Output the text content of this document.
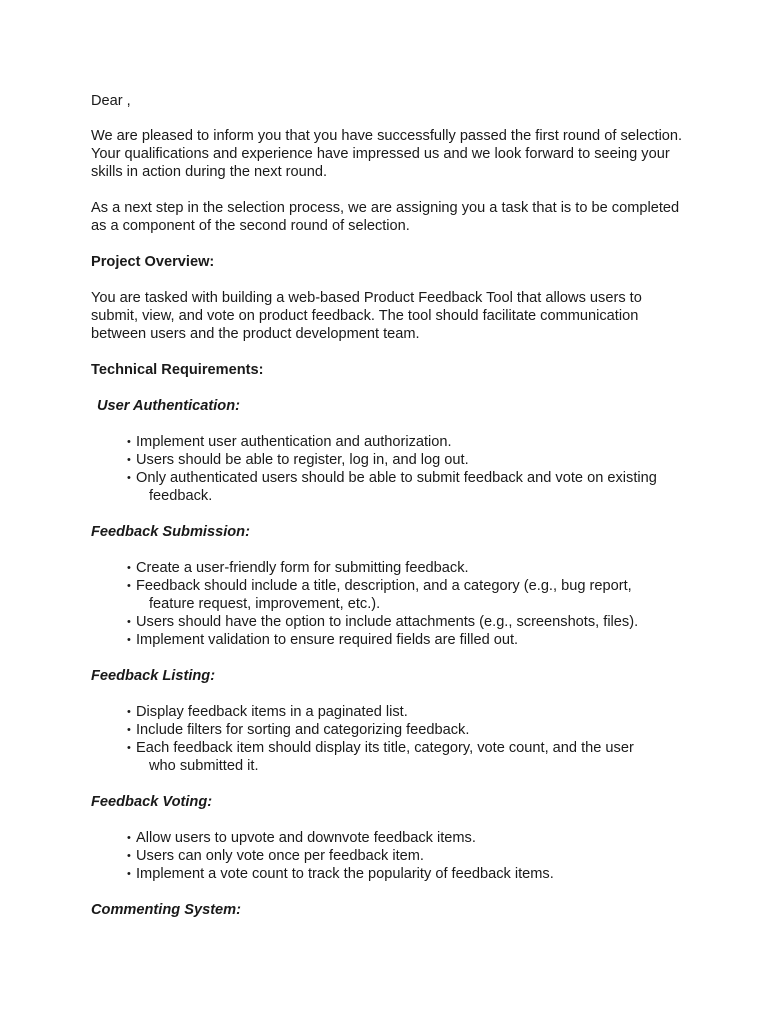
Dear ,

We are pleased to inform you that you have successfully passed the first round of selection. Your qualifications and experience have impressed us and we look forward to seeing your skills in action during the next round.

As a next step in the selection process, we are assigning you a task that is to be completed as a component of the second round of selection.

Project Overview:

You are tasked with building a web-based Product Feedback Tool that allows users to submit, view, and vote on product feedback. The tool should facilitate communication between users and the product development team.

Technical Requirements:

User Authentication:

• Implement user authentication and authorization.
• Users should be able to register, log in, and log out.
• Only authenticated users should be able to submit feedback and vote on existing
feedback.

Feedback Submission:

• Create a user-friendly form for submitting feedback.
• Feedback should include a title, description, and a category (e.g., bug report,
feature request, improvement, etc.).
• Users should have the option to include attachments (e.g., screenshots, files).
• Implement validation to ensure required fields are filled out.

Feedback Listing:

• Display feedback items in a paginated list.
• Include filters for sorting and categorizing feedback.
• Each feedback item should display its title, category, vote count, and the user
who submitted it.

Feedback Voting:

• Allow users to upvote and downvote feedback items.
• Users can only vote once per feedback item.
• Implement a vote count to track the popularity of feedback items.

Commenting System:
